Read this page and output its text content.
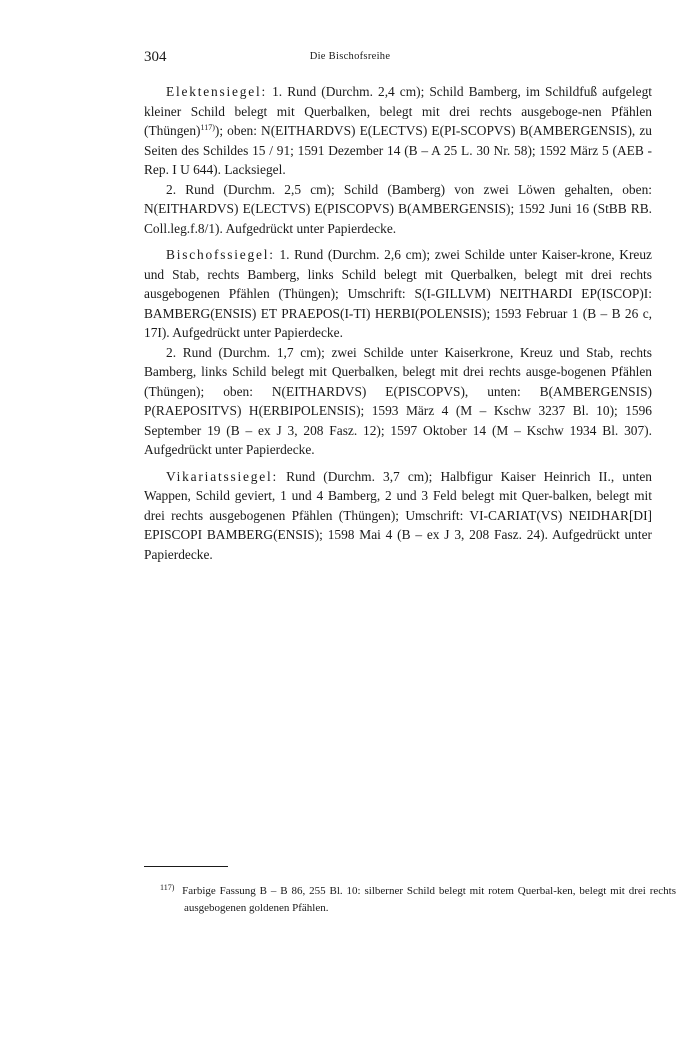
304	Die Bischofsreihe

Elektensiegel: 1. Rund (Durchm. 2,4 cm); Schild Bamberg, im Schildfuß aufgelegt kleiner Schild belegt mit Querbalken, belegt mit drei rechts ausgeboge-nen Pfählen (Thüngen)$^{117)}$); oben: N(EITHARDVS) E(LECTVS) E(PI-SCOPVS) B(AMBERGENSIS), zu Seiten des Schildes 15 / 91; 1591 Dezember 14 (B – A 25 L. 30 Nr. 58); 1592 März 5 (AEB -Rep. I U 644). Lacksiegel.

2. Rund (Durchm. 2,5 cm); Schild (Bamberg) von zwei Löwen gehalten, oben: N(EITHARDVS) E(LECTVS) E(PISCOPVS) B(AMBERGENSIS); 1592 Juni 16 (StBB RB. Coll.leg.f.8/1). Aufgedrückt unter Papierdecke.

Bischofssiegel: 1. Rund (Durchm. 2,6 cm); zwei Schilde unter Kaiser-krone, Kreuz und Stab, rechts Bamberg, links Schild belegt mit Querbalken, belegt mit drei rechts ausgebogenen Pfählen (Thüngen); Umschrift: S(I-GILLVM) NEITHARDI EP(ISCOP)I: BAMBERG(ENSIS) ET PRAEPOS(I-TI) HERBI(POLENSIS); 1593 Februar 1 (B – B 26 c, 17I). Aufgedrückt unter Papierdecke.

2. Rund (Durchm. 1,7 cm); zwei Schilde unter Kaiserkrone, Kreuz und Stab, rechts Bamberg, links Schild belegt mit Querbalken, belegt mit drei rechts ausge-bogenen Pfählen (Thüngen); oben: N(EITHARDVS) E(PISCOPVS), unten: B(AMBERGENSIS) P(RAEPOSITVS) H(ERBIPOLENSIS); 1593 März 4 (M – Kschw 3237 Bl. 10); 1596 September 19 (B – ex J 3, 208 Fasz. 12); 1597 Oktober 14 (M – Kschw 1934 Bl. 307). Aufgedrückt unter Papierdecke.

Vikariatssiegel: Rund (Durchm. 3,7 cm); Halbfigur Kaiser Heinrich II., unten Wappen, Schild geviert, 1 und 4 Bamberg, 2 und 3 Feld belegt mit Quer-balken, belegt mit drei rechts ausgebogenen Pfählen (Thüngen); Umschrift: VI-CARIAT(VS) NEIDHAR[DI] EPISCOPI BAMBERG(ENSIS); 1598 Mai 4 (B – ex J 3, 208 Fasz. 24). Aufgedrückt unter Papierdecke.

$^{117)}$ Farbige Fassung B – B 86, 255 Bl. 10: silberner Schild belegt mit rotem Querbal-ken, belegt mit drei rechts ausgebogenen goldenen Pfählen.
